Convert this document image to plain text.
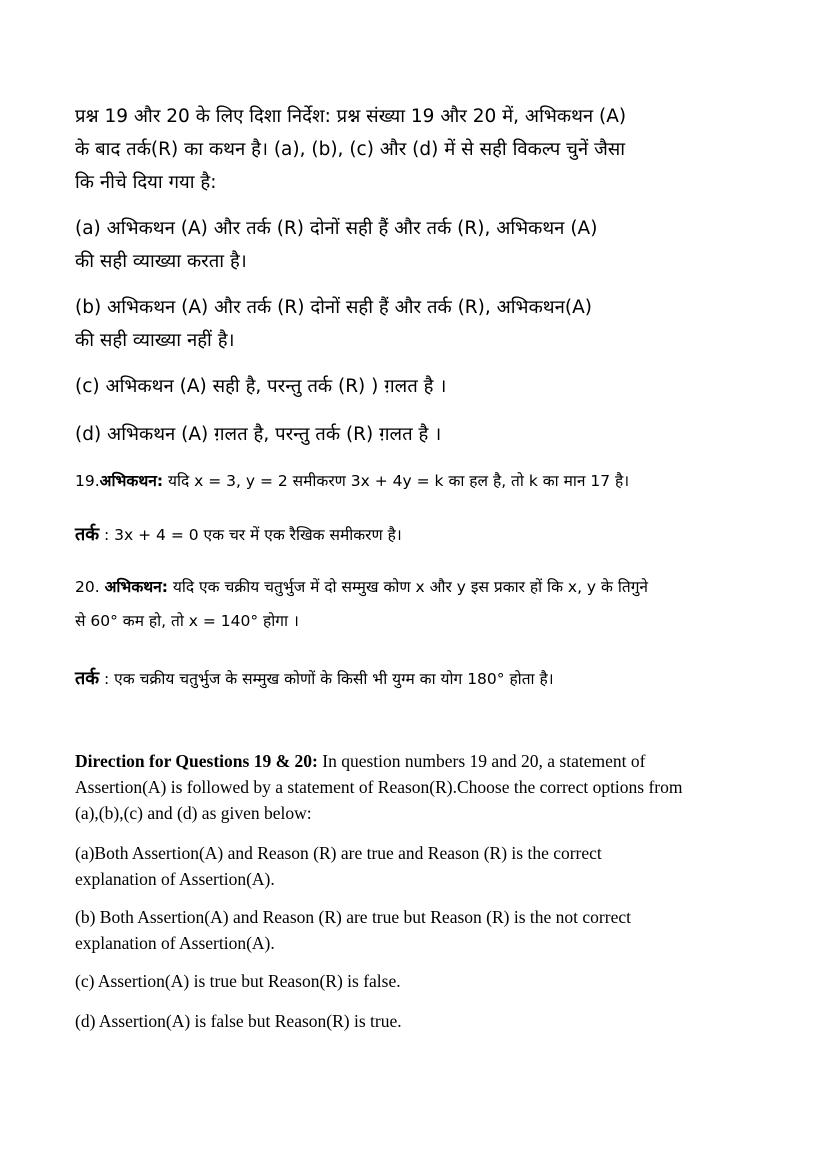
प्रश्न 19 और 20 के लिए दिशा निर्देश: प्रश्न संख्या 19 और 20 में, अभिकथन (A)
के बाद तर्क(R) का कथन है। (a), (b), (c) और (d) में से सही विकल्प चुनें जैसा
कि नीचे दिया गया है:
(a) अभिकथन (A) और तर्क (R) दोनों सही हैं और तर्क (R), अभिकथन (A)
की सही व्याख्या करता है।
(b) अभिकथन (A) और तर्क (R) दोनों सही हैं और तर्क (R), अभिकथन(A)
की सही व्याख्या नहीं है।
(c) अभिकथन (A) सही है, परन्तु तर्क (R) ) ग़लत है ।
(d) अभिकथन (A) ग़लत है, परन्तु तर्क (R) ग़लत है ।
19.अभिकथन: यदि x = 3, y = 2 समीकरण 3x + 4y = k का हल है, तो k का मान 17 है।
तर्क : 3x + 4 = 0 एक चर में एक रैखिक समीकरण है।
20. अभिकथन: यदि एक चक्रीय चतुर्भुज में दो सम्मुख कोण x और y इस प्रकार हों कि x, y के तिगुने
से 60° कम हो, तो x = 140° होगा ।
तर्क : एक चक्रीय चतुर्भुज के सम्मुख कोणों के किसी भी युग्म का योग 180° होता है।
Direction for Questions 19 & 20: In question numbers 19 and 20, a statement of
Assertion(A) is followed by a statement of Reason(R).Choose the correct options from
(a),(b),(c) and (d) as given below:
(a)Both Assertion(A) and Reason (R) are true and Reason (R) is the correct
explanation of Assertion(A).
(b) Both Assertion(A) and Reason (R) are true but Reason (R) is the not correct
explanation of Assertion(A).
(c) Assertion(A) is true but Reason(R) is false.
(d) Assertion(A) is false but Reason(R) is true.
